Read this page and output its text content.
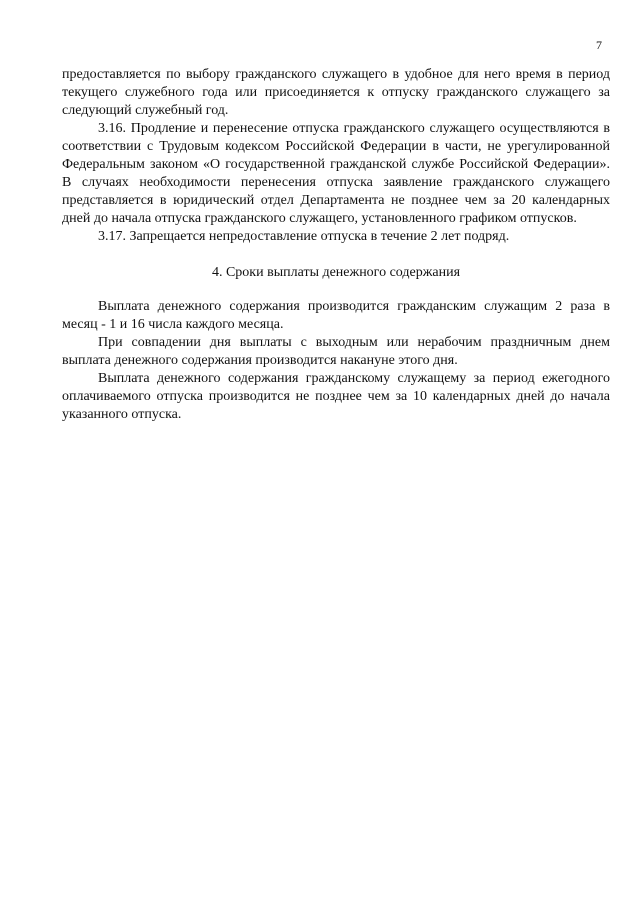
7

предоставляется по выбору гражданского служащего в удобное для него время в период текущего служебного года или присоединяется к отпуску гражданского служащего за следующий служебный год.

3.16. Продление и перенесение отпуска гражданского служащего осуществляются в соответствии с Трудовым кодексом Российской Федерации в части, не урегулированной Федеральным законом «О государственной гражданской службе Российской Федерации». В случаях необходимости перенесения отпуска заявление гражданского служащего представляется в юридический отдел Департамента не позднее чем за 20 календарных дней до начала отпуска гражданского служащего, установленного графиком отпусков.

3.17. Запрещается непредоставление отпуска в течение 2 лет подряд.

4. Сроки выплаты денежного содержания

Выплата денежного содержания производится гражданским служащим 2 раза в месяц - 1 и 16 числа каждого месяца.

При совпадении дня выплаты с выходным или нерабочим праздничным днем выплата денежного содержания производится накануне этого дня.

Выплата денежного содержания гражданскому служащему за период ежегодного оплачиваемого отпуска производится не позднее чем за 10 календарных дней до начала указанного отпуска.
